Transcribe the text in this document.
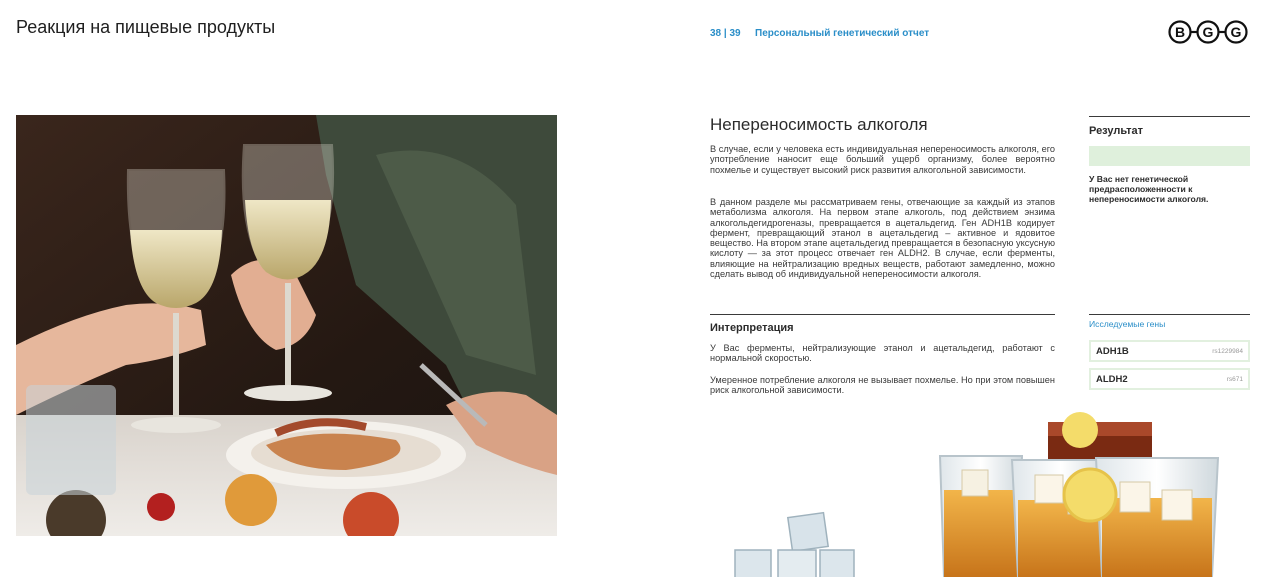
Реакция на пищевые продукты	38 | 39 Персональный генетический отчет	B G G
Непереносимость алкоголя
В случае, если у человека есть индивидуальная непереносимость алкоголя, его употребление наносит еще больший ущерб организму, более вероятно похмелье и существует высокий риск развития алкогольной зависимости.
В данном разделе мы рассматриваем гены, отвечающие за каждый из этапов метаболизма алкоголя. На первом этапе алкоголь, под действием энзима алкогольдегидрогеназы, превращается в ацетальдегид. Ген ADH1B кодирует фермент, превращающий этанол в ацетальдегид – активное и ядовитое вещество. На втором этапе ацетальдегид превращается в безопасную уксусную кислоту — за этот процесс отвечает ген ALDH2. В случае, если ферменты, влияющие на нейтрализацию вредных веществ, работают замедленно, можно сделать вывод об индивидуальной непереносимости алкоголя.
Интерпретация
У Вас ферменты, нейтрализующие этанол и ацетальдегид, работают с нормальной скоростью.
Умеренное потребление алкоголя не вызывает похмелье. Но при этом повышен риск алкогольной зависимости.
Результат
У Вас нет генетической предрасположенности к непереносимости алкоголя.
Исследуемые гены
ADH1B	rs1229984
ALDH2	rs671
